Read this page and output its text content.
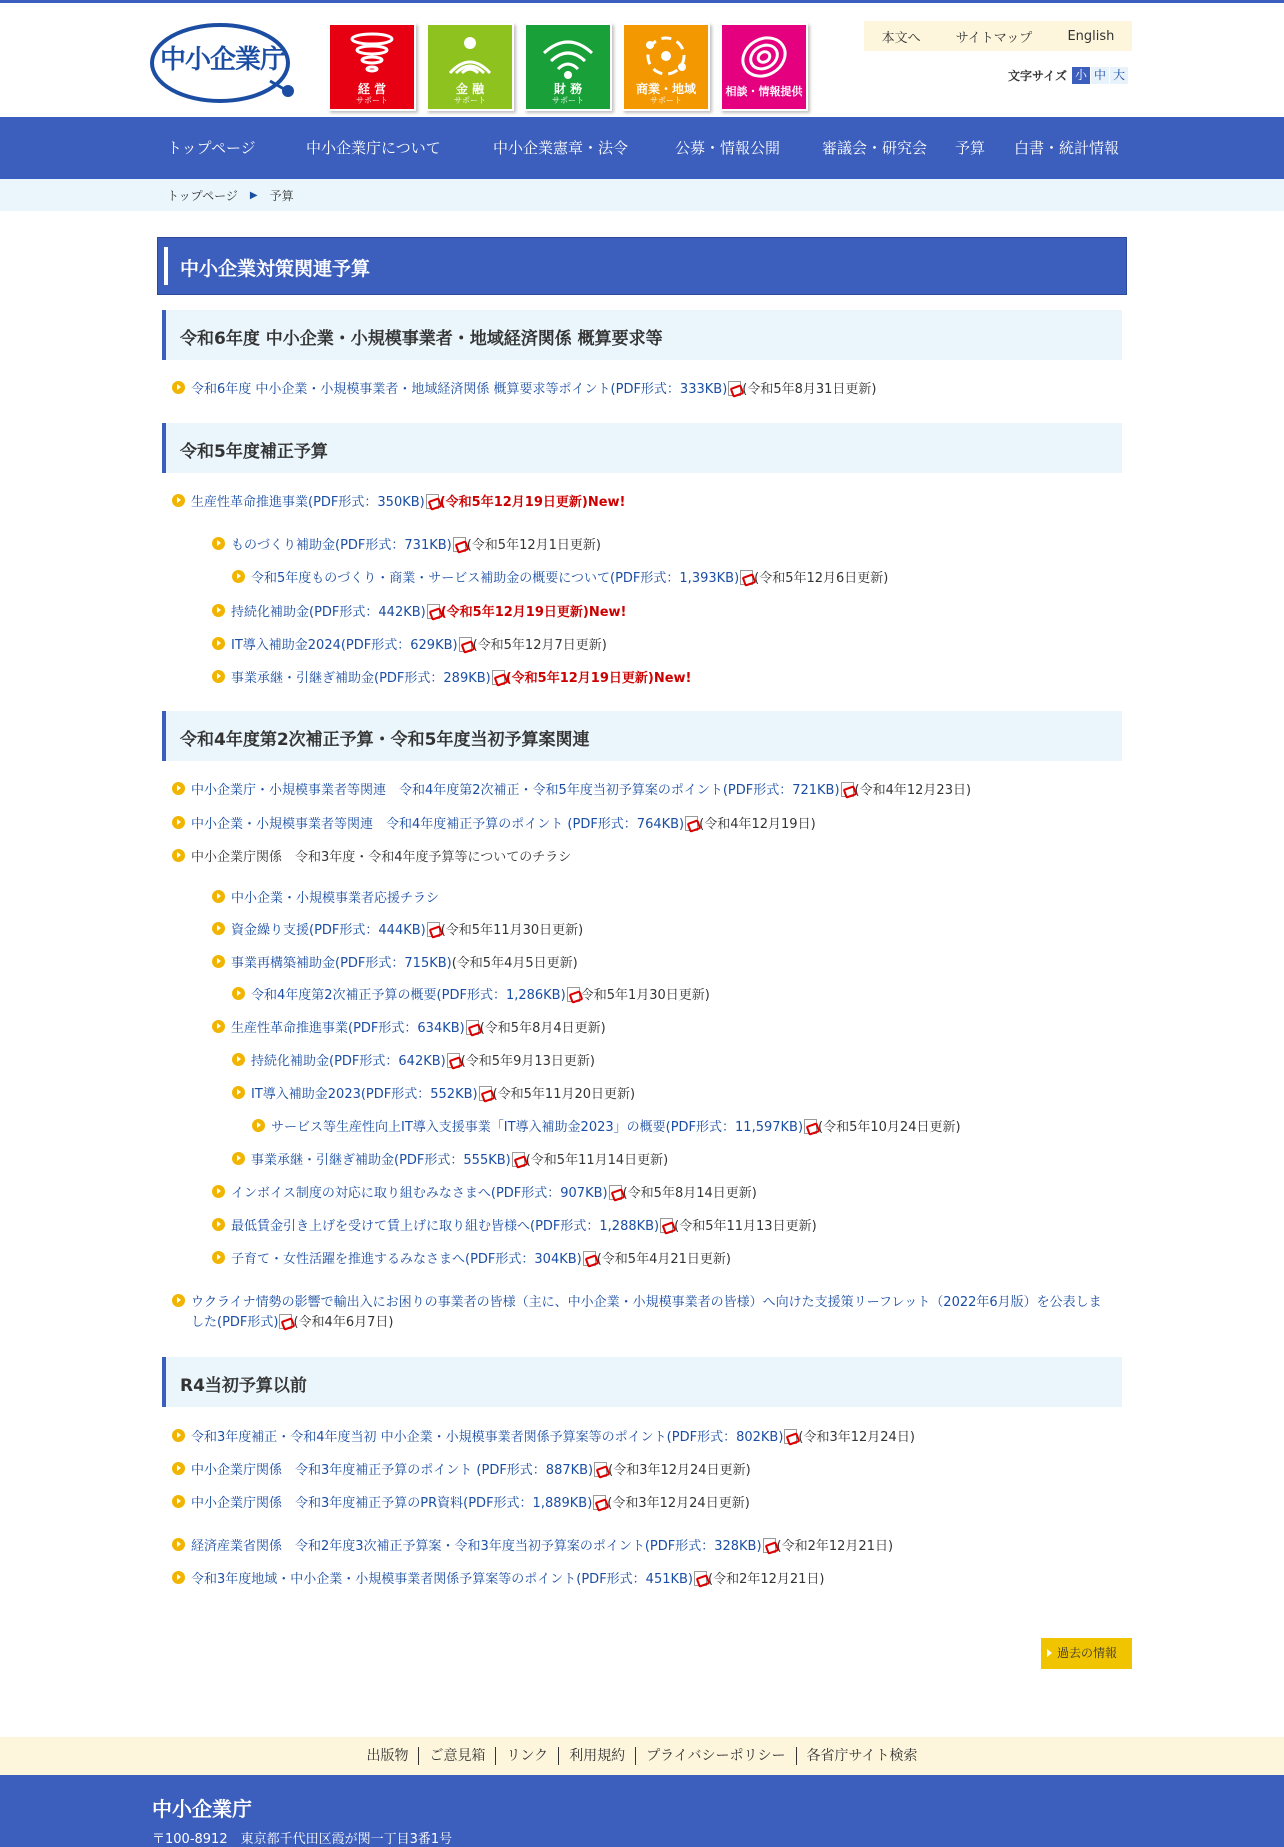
中小企業庁
経 営
サポート
金 融
サポート
財 務
サポート
商業・地域
サポート
相談・情報提供
本文へ	サイトマップ	English
文字サイズ 小 中 大
トップページ	中小企業庁について	中小企業憲章・法令	公募・情報公開	審議会・研究会 予算 白書・統計情報
トップページ ▶ 予算
中小企業対策関連予算
令和6年度 中小企業・小規模事業者・地域経済関係 概算要求等
令和6年度 中小企業・小規模事業者・地域経済関係 概算要求等ポイント(PDF形式：333KB) (令和5年8月31日更新)
令和5年度補正予算
生産性革命推進事業(PDF形式：350KB) (令和5年12月19日更新)New!
ものづくり補助金(PDF形式：731KB) (令和5年12月1日更新)
令和5年度ものづくり・商業・サービス補助金の概要について(PDF形式：1,393KB) (令和5年12月6日更新)
持続化補助金(PDF形式：442KB) (令和5年12月19日更新)New!
IT導入補助金2024(PDF形式：629KB) (令和5年12月7日更新)
事業承継・引継ぎ補助金(PDF形式：289KB) (令和5年12月19日更新)New!
令和4年度第2次補正予算・令和5年度当初予算案関連
中小企業庁・小規模事業者等関連　令和4年度第2次補正・令和5年度当初予算案のポイント(PDF形式：721KB) (令和4年12月23日)
中小企業・小規模事業者等関連　令和4年度補正予算のポイント (PDF形式：764KB) (令和4年12月19日)
中小企業庁関係　令和3年度・令和4年度予算等についてのチラシ
中小企業・小規模事業者応援チラシ
資金繰り支援(PDF形式：444KB) (令和5年11月30日更新)
事業再構築補助金(PDF形式：715KB)(令和5年4月5日更新)
令和4年度第2次補正予算の概要(PDF形式：1,286KB) 令和5年1月30日更新)
生産性革命推進事業(PDF形式：634KB) (令和5年8月4日更新)
持続化補助金(PDF形式：642KB) (令和5年9月13日更新)
IT導入補助金2023(PDF形式：552KB) (令和5年11月20日更新)
サービス等生産性向上IT導入支援事業「IT導入補助金2023」の概要(PDF形式：11,597KB) (令和5年10月24日更新)
事業承継・引継ぎ補助金(PDF形式：555KB) (令和5年11月14日更新)
インボイス制度の対応に取り組むみなさまへ(PDF形式：907KB) (令和5年8月14日更新)
最低賃金引き上げを受けて賃上げに取り組む皆様へ(PDF形式：1,288KB) (令和5年11月13日更新)
子育て・女性活躍を推進するみなさまへ(PDF形式：304KB) (令和5年4月21日更新)
ウクライナ情勢の影響で輸出入にお困りの事業者の皆様（主に、中小企業・小規模事業者の皆様）へ向けた支援策リーフレット（2022年6月版）を公表しました(PDF形式) (令和4年6月7日)
R4当初予算以前
令和3年度補正・令和4年度当初 中小企業・小規模事業者関係予算案等のポイント(PDF形式：802KB) (令和3年12月24日)
中小企業庁関係　令和3年度補正予算のポイント (PDF形式：887KB) (令和3年12月24日更新)
中小企業庁関係　令和3年度補正予算のPR資料(PDF形式：1,889KB) (令和3年12月24日更新)
経済産業省関係　令和2年度3次補正予算案・令和3年度当初予算案のポイント(PDF形式：328KB) (令和2年12月21日)
令和3年度地域・中小企業・小規模事業者関係予算案等のポイント(PDF形式：451KB) (令和2年12月21日)
過去の情報
出版物	ご意見箱	リンク	利用規約	プライバシーポリシー	各省庁サイト検索
中小企業庁
〒100-8912　東京都千代田区霞が関一丁目3番1号
